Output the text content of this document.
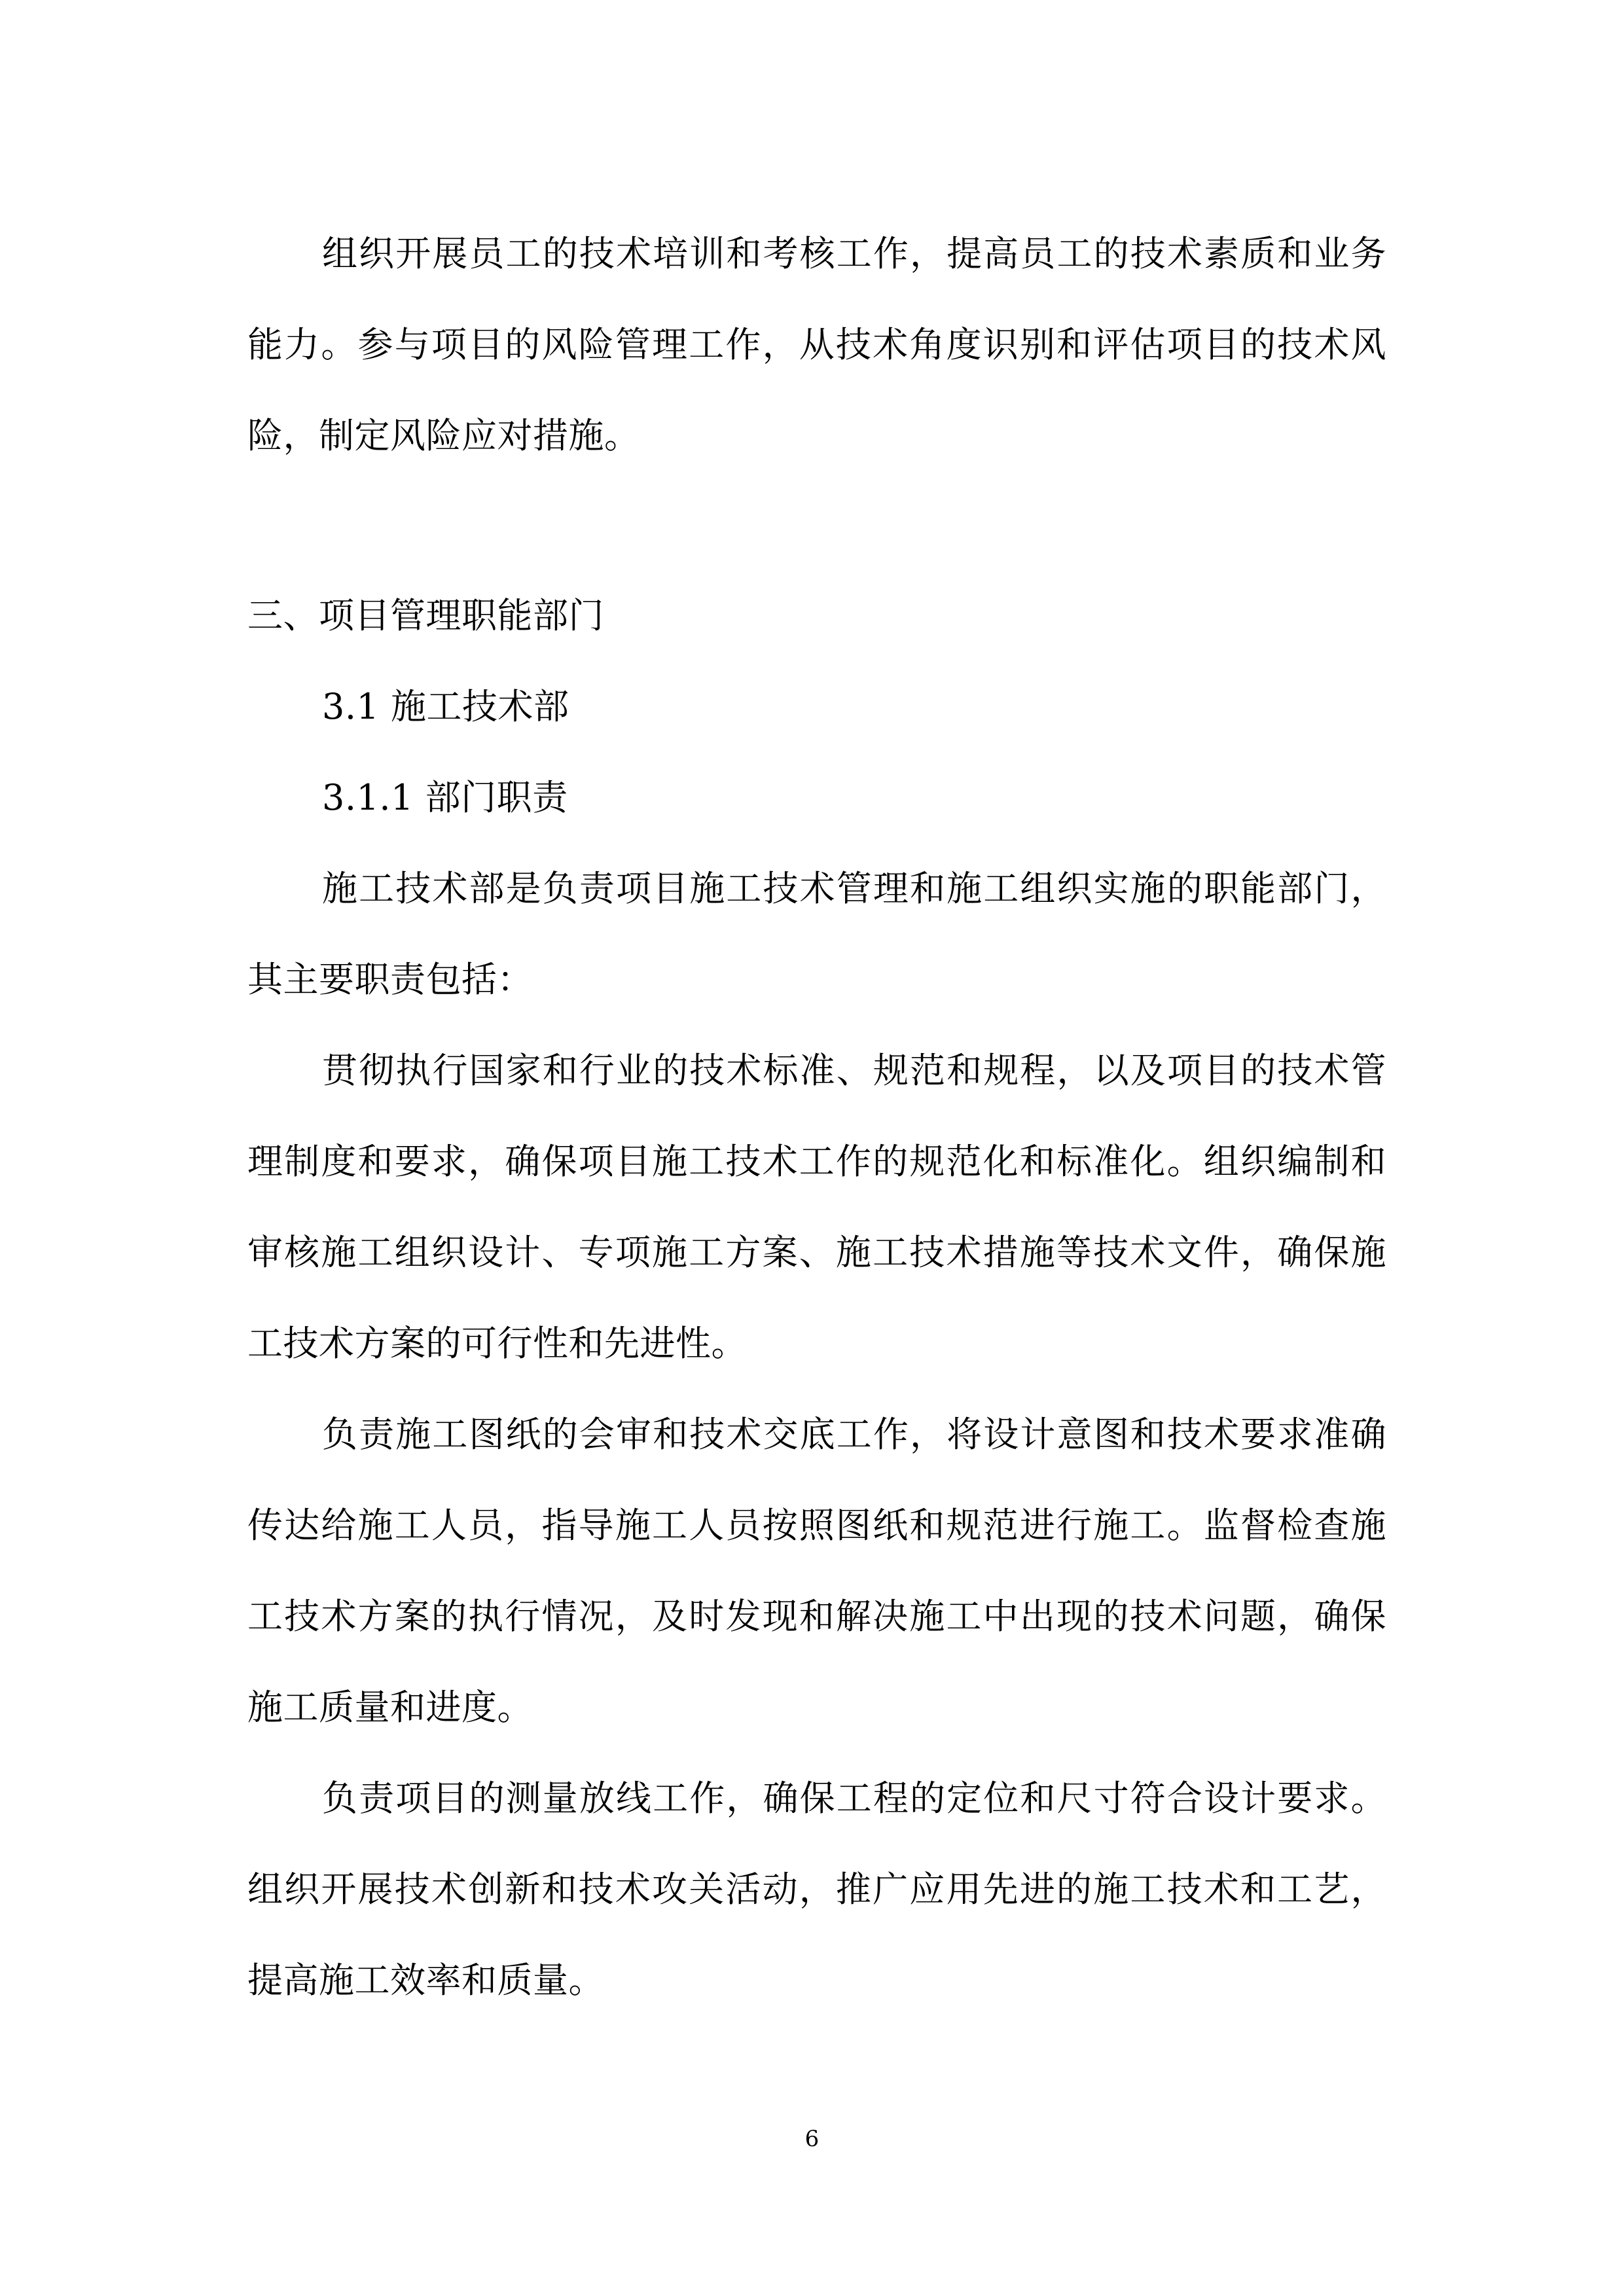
组织开展员工的技术培训和考核工作，提高员工的技术素质和业务能力。参与项目的风险管理工作，从技术角度识别和评估项目的技术风险，制定风险应对措施。

三、项目管理职能部门

3.1 施工技术部

3.1.1 部门职责

施工技术部是负责项目施工技术管理和施工组织实施的职能部门，其主要职责包括：

贯彻执行国家和行业的技术标准、规范和规程，以及项目的技术管理制度和要求，确保项目施工技术工作的规范化和标准化。组织编制和审核施工组织设计、专项施工方案、施工技术措施等技术文件，确保施工技术方案的可行性和先进性。

负责施工图纸的会审和技术交底工作，将设计意图和技术要求准确传达给施工人员，指导施工人员按照图纸和规范进行施工。监督检查施工技术方案的执行情况，及时发现和解决施工中出现的技术问题，确保施工质量和进度。

负责项目的测量放线工作，确保工程的定位和尺寸符合设计要求。组织开展技术创新和技术攻关活动，推广应用先进的施工技术和工艺，提高施工效率和质量。

6
